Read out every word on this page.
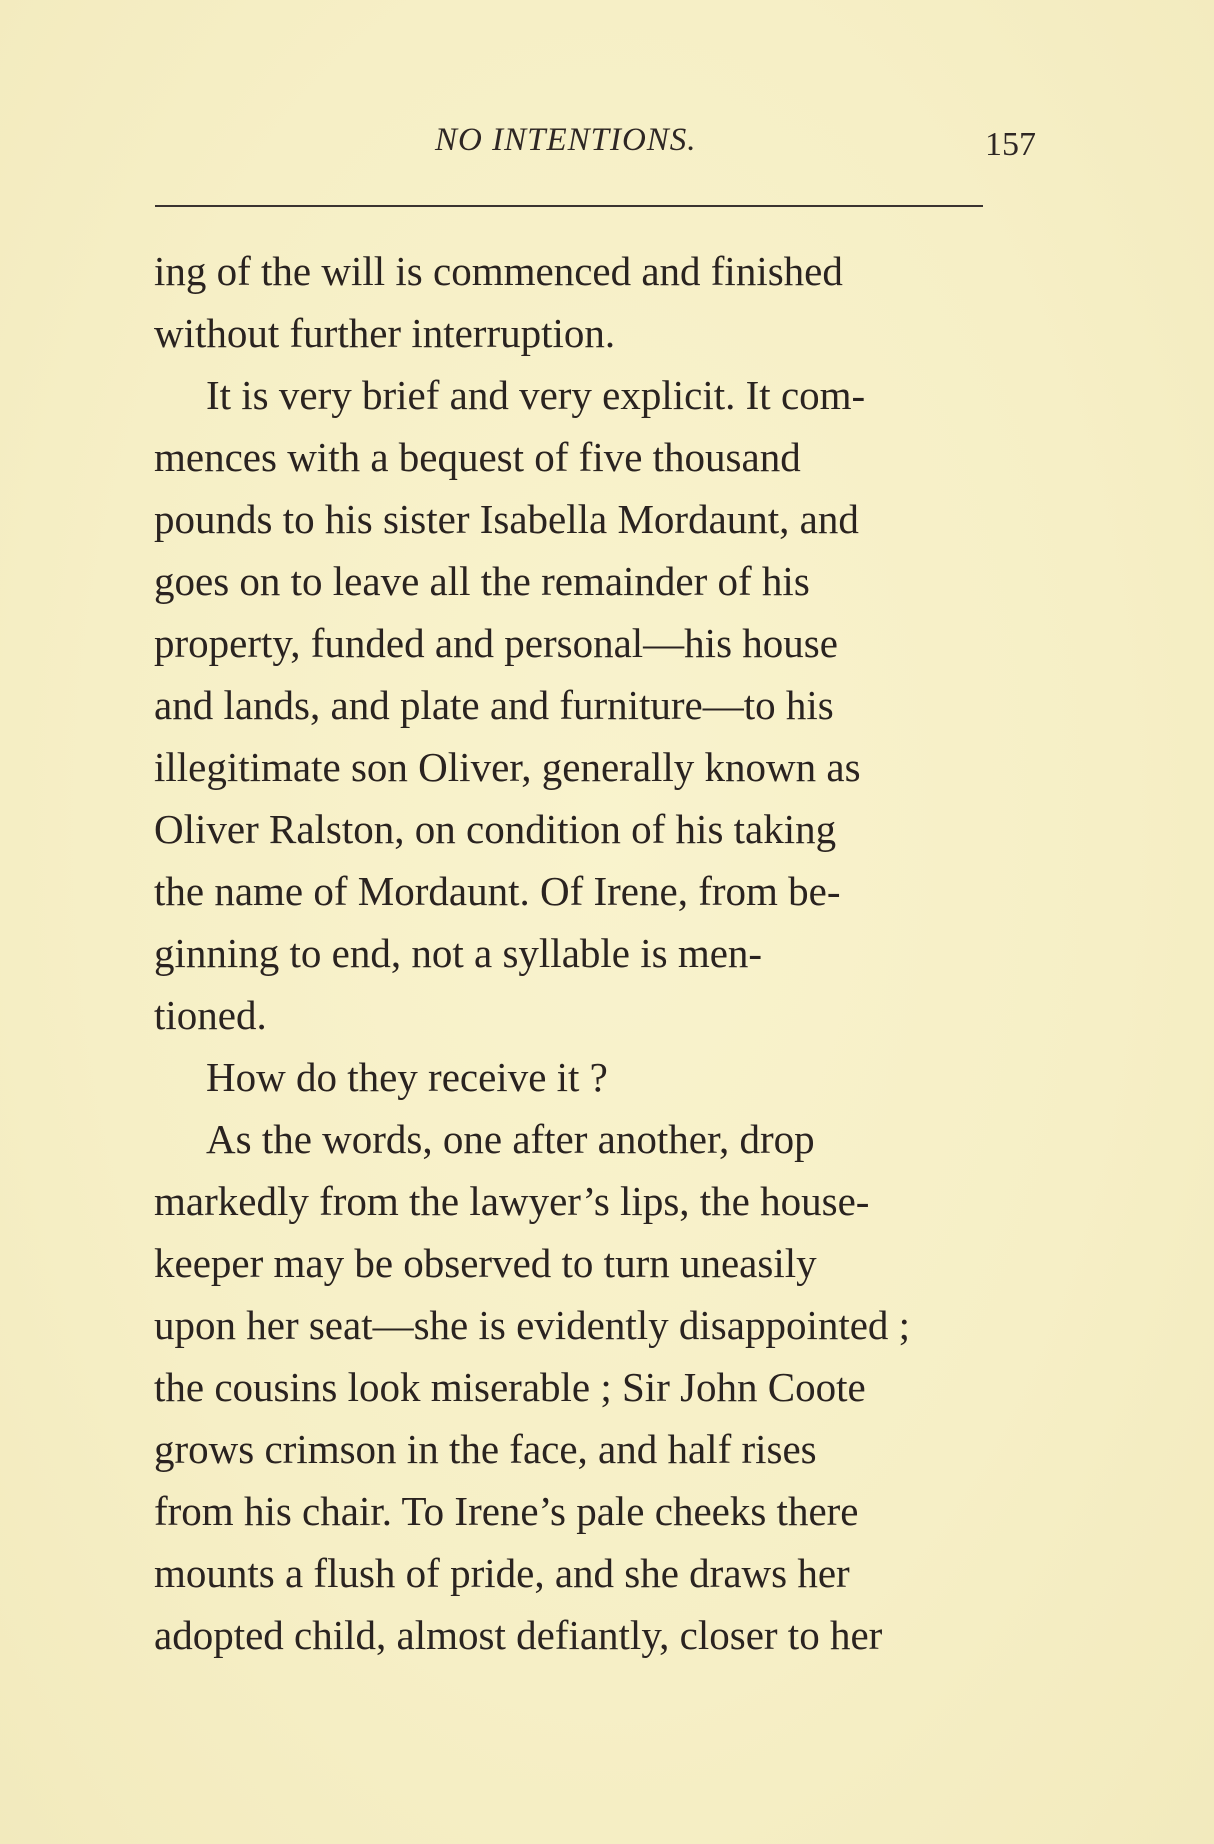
NO INTENTIONS.	157
ing of the will is commenced and finished
without further interruption.
It is very brief and very explicit. It com-
mences with a bequest of five thousand
pounds to his sister Isabella Mordaunt, and
goes on to leave all the remainder of his
property, funded and personal—his house
and lands, and plate and furniture—to his
illegitimate son Oliver, generally known as
Oliver Ralston, on condition of his taking
the name of Mordaunt. Of Irene, from be-
ginning to end, not a syllable is men-
tioned.
How do they receive it ?
As the words, one after another, drop
markedly from the lawyer’s lips, the house-
keeper may be observed to turn uneasily
upon her seat—she is evidently disappointed ;
the cousins look miserable ; Sir John Coote
grows crimson in the face, and half rises
from his chair. To Irene’s pale cheeks there
mounts a flush of pride, and she draws her
adopted child, almost defiantly, closer to her
